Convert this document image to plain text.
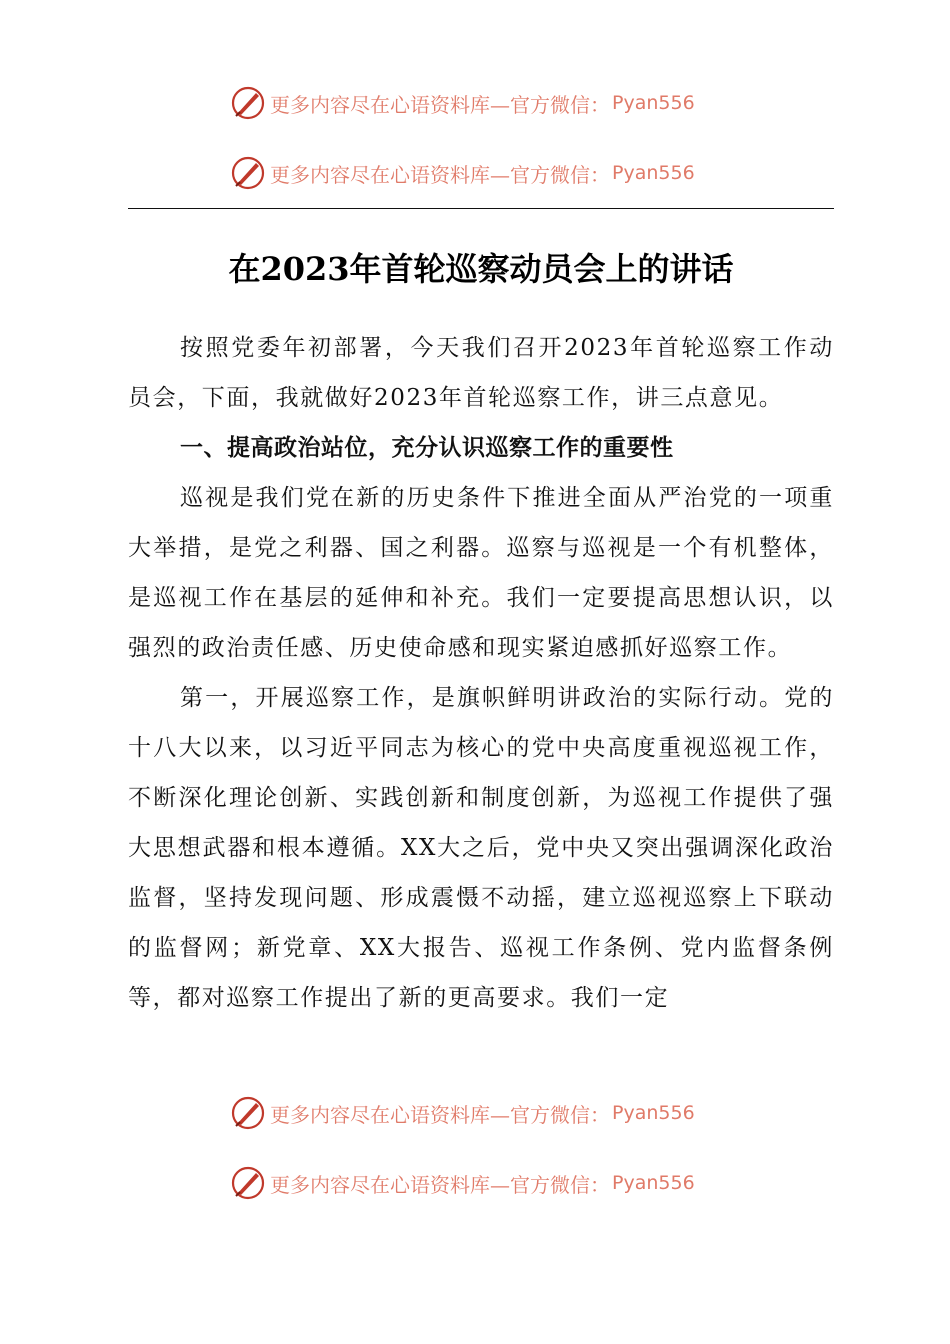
更多内容尽在心语资料库—官方微信： Pyan556
更多内容尽在心语资料库—官方微信： Pyan556
在2023年首轮巡察动员会上的讲话

按照党委年初部署，今天我们召开2023年首轮巡察工作动员会，下面，我就做好2023年首轮巡察工作，讲三点意见。

一、提高政治站位，充分认识巡察工作的重要性

巡视是我们党在新的历史条件下推进全面从严治党的一项重大举措，是党之利器、国之利器。巡察与巡视是一个有机整体，是巡视工作在基层的延伸和补充。我们一定要提高思想认识，以强烈的政治责任感、历史使命感和现实紧迫感抓好巡察工作。

第一，开展巡察工作，是旗帜鲜明讲政治的实际行动。党的十八大以来，以习近平同志为核心的党中央高度重视巡视工作，不断深化理论创新、实践创新和制度创新，为巡视工作提供了强大思想武器和根本遵循。XX大之后，党中央又突出强调深化政治监督，坚持发现问题、形成震慑不动摇，建立巡视巡察上下联动的监督网；新党章、XX大报告、巡视工作条例、党内监督条例等，都对巡察工作提出了新的更高要求。我们一定

更多内容尽在心语资料库—官方微信： Pyan556
更多内容尽在心语资料库—官方微信： Pyan556
